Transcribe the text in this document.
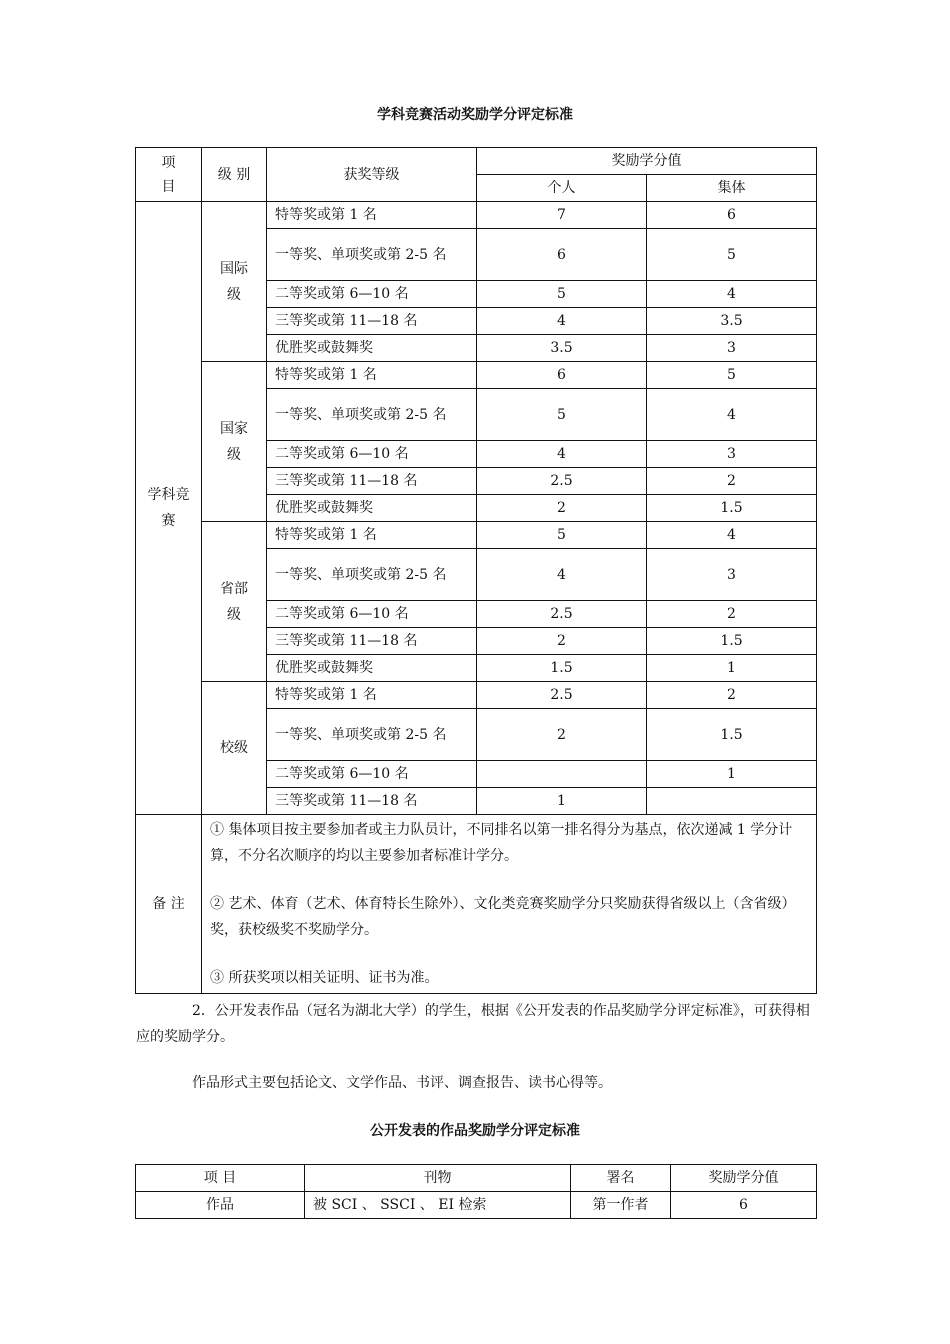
学科竞赛活动奖励学分评定标准
项
目	级 别	获奖等级	奖励学分值	
			个人	集体
学科竞
赛	国际
级	特等奖或第 1 名	7	6
		一等奖、单项奖或第 2-5 名	6	5
		二等奖或第 6—10 名	5	4
		三等奖或第 11—18 名	4	3.5
		优胜奖或鼓舞奖	3.5	3
	国家
级	特等奖或第 1 名	6	5
		一等奖、单项奖或第 2-5 名	5	4
		二等奖或第 6—10 名	4	3
		三等奖或第 11—18 名	2.5	2
		优胜奖或鼓舞奖	2	1.5
	省部
级	特等奖或第 1 名	5	4
		一等奖、单项奖或第 2-5 名	4	3
		二等奖或第 6—10 名	2.5	2
		三等奖或第 11—18 名	2	1.5
		优胜奖或鼓舞奖	1.5	1
	校级	特等奖或第 1 名	2.5	2
		一等奖、单项奖或第 2-5 名	2	1.5
		二等奖或第 6—10 名		1
		三等奖或第 11—18 名	1	
备 注	① 集体项目按主要参加者或主力队员计，不同排名以第一排名得分为基点，依次递减 1 学分计算，不分名次顺序的均以主要参加者标准计学分。

② 艺术、体育（艺术、体育特长生除外）、文化类竞赛奖励学分只奖励获得省级以上（含省级）奖，获校级奖不奖励学分。

③ 所获奖项以相关证明、证书为准。			

2．公开发表作品（冠名为湖北大学）的学生，根据《公开发表的作品奖励学分评定标准》，可获得相应的奖励学分。
作品形式主要包括论文、文学作品、书评、调查报告、读书心得等。
公开发表的作品奖励学分评定标准
项 目	刊物	署名	奖励学分值
作品	被 SCI 、 SSCI 、 EI 检索	第一作者	6
